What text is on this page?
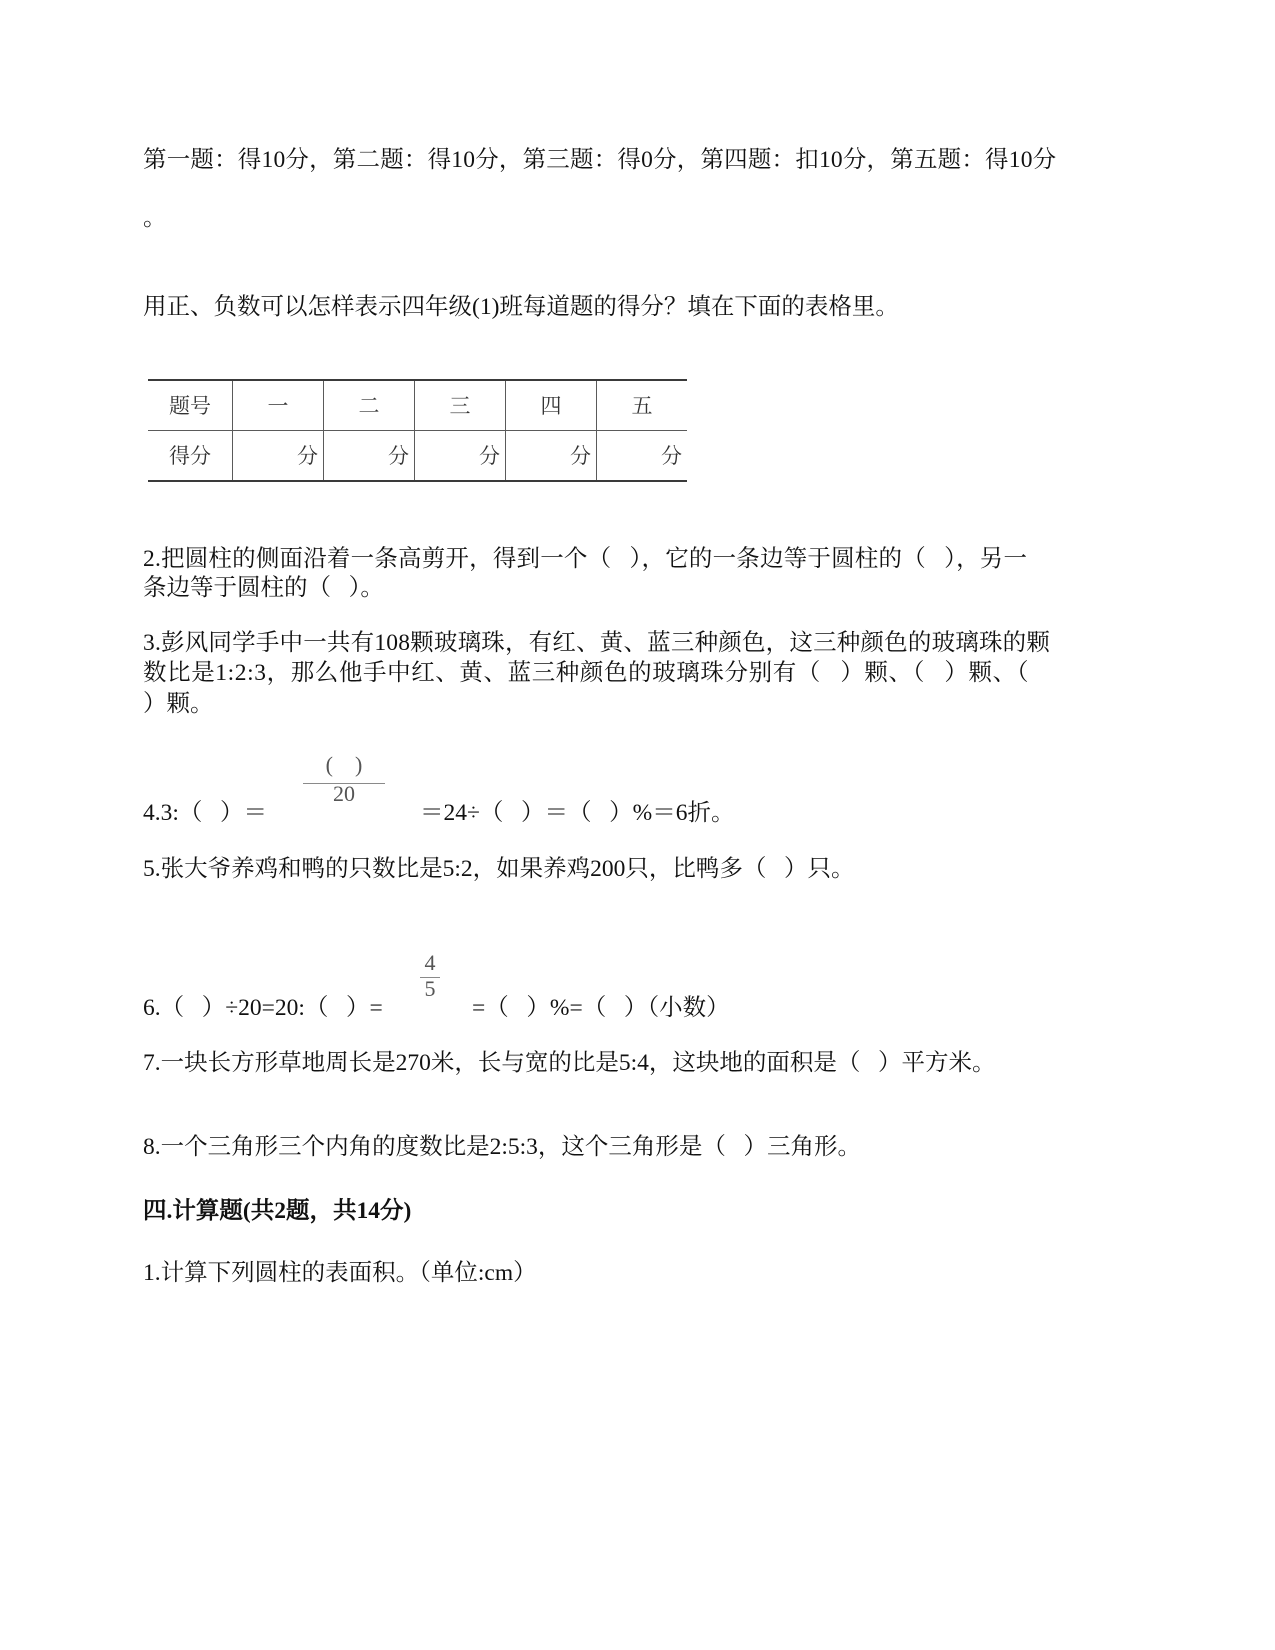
第一题：得10分，第二题：得10分，第三题：得0分，第四题：扣10分，第五题：得10分
。
用正、负数可以怎样表示四年级(1)班每道题的得分？填在下面的表格里。
题号	一	二	三	四	五
得分	分	分	分	分	分
2.把圆柱的侧面沿着一条高剪开，得到一个（   ），它的一条边等于圆柱的（   ），另一
条边等于圆柱的（   ）。
3.彭风同学手中一共有108颗玻璃珠，有红、黄、蓝三种颜色，这三种颜色的玻璃珠的颗
数比是1:2:3，那么他手中红、黄、蓝三种颜色的玻璃珠分别有（   ）颗、（   ）颗、（
）颗。
(    )
20
4.3:（   ）＝	＝24÷（   ）＝（   ）%＝6折。
5.张大爷养鸡和鸭的只数比是5:2，如果养鸡200只，比鸭多（   ）只。
4
5
6.（   ）÷20=20:（   ）=	=（   ）%=（   ）（小数）
7.一块长方形草地周长是270米，长与宽的比是5:4，这块地的面积是（   ）平方米。
8.一个三角形三个内角的度数比是2:5:3，这个三角形是（   ）三角形。
四.计算题(共2题，共14分)
1.计算下列圆柱的表面积。（单位:cm）
